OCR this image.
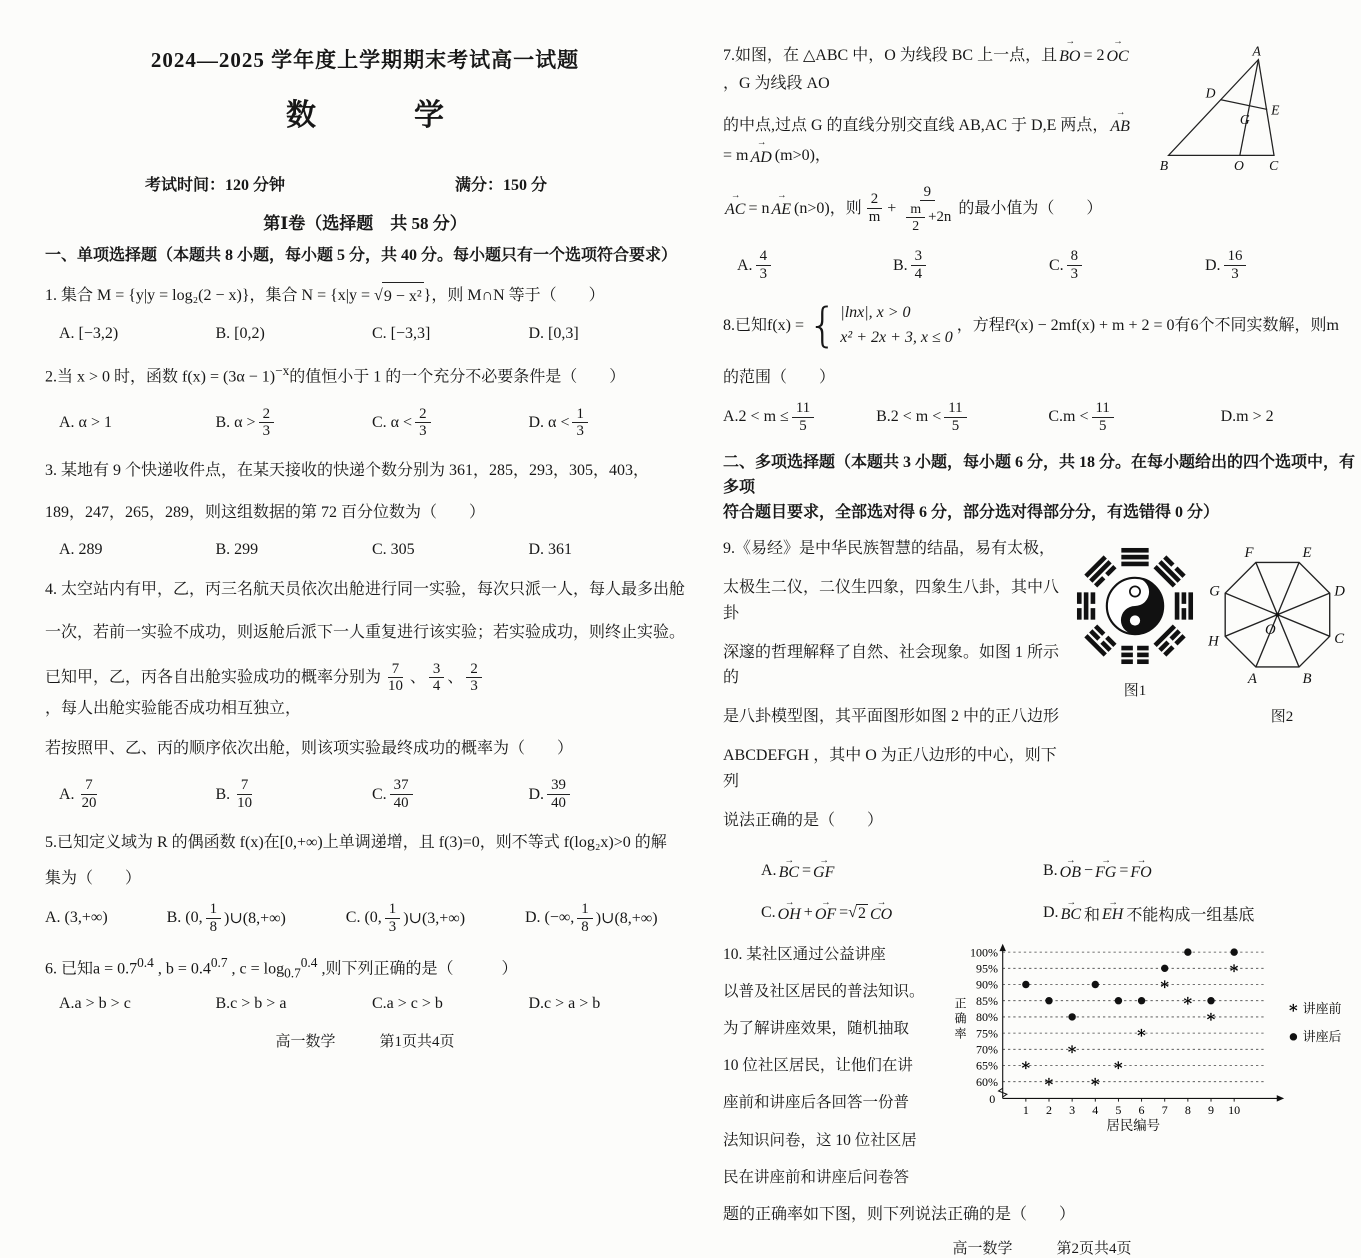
2024—2025 学年度上学期期末考试高一试题
数　学
考试时间：120 分钟	满分：150 分
第Ⅰ卷（选择题　共 58 分）
一、单项选择题（本题共 8 小题，每小题 5 分，共 40 分。每小题只有一个选项符合要求）
1. 集合 M = {y|y = log₂(2 − x)}，集合 N = {x|y = √ 9 − x² }，则 M∩N 等于（　　）
A. [−3,2)	B. [0,2)	C. [−3,3]	D. [0,3]
2.当 x > 0 时，函数 $f(x) = (3\alpha - 1)^{-x}$的值恒小于 1 的一个充分不必要条件是（　　）
A. α > 1	B. $\alpha > \frac{2}{3}$	C. $\alpha < \frac{2}{3}$	D. $\alpha < \frac{1}{3}$
3. 某地有 9 个快递收件点，在某天接收的快递个数分别为 361，285，293，305，403，
189，247，265，289，则这组数据的第 72 百分位数为（　　）
A. 289	B. 299	C. 305	D. 361
4. 太空站内有甲，乙，丙三名航天员依次出舱进行同一实验，每次只派一人，每人最多出舱
一次，若前一实验不成功，则返舱后派下一人重复进行该实验；若实验成功，则终止实验。
已知甲，乙，丙各自出舱实验成功的概率分别为 $\frac{7}{10}$ 、 $\frac{3}{4}$ 、 $\frac{2}{3}$
，每人出舱实验能否成功相互独立，
若按照甲、乙、丙的顺序依次出舱，则该项实验最终成功的概率为（　　）
A. $\frac{7}{20}$	B. $\frac{7}{10}$	C. $\frac{37}{40}$	D. $\frac{39}{40}$
5.已知定义域为 R 的偶函数 f(x)在[0,+∞)上单调递增，且 f(3)=0，则不等式 f(log₂x)>0 的解
集为（　　）
A. (3,+∞)	B. (0, $\frac{1}{8}$ )∪(8,+∞)	C. (0, $\frac{1}{3}$ )∪(3,+∞)	D. (−∞, $\frac{1}{8}$ )∪(8,+∞)
6. 已知$a = 0.7^{0.4}$ , $b = 0.4^{0.7}$ , $c = \log_{0.7}^{0.4}$ ,则下列正确的是（　　　）
A.a > b > c	B.c > b > a	C.a > c > b	D.c > a > b
高一数学	第1页共4页
7.如图，在 △ABC 中，O 为线段 BC 上一点，且 → BO = 2 → OC
，G 为线段 AO
的中点,过点 G 的直线分别交直线 AB,AC 于 D,E 两点， → AB
= m → AD (m>0)，
→ AC = n → AE (n>0)，则 $\frac{2}{m} + \frac{9}{\frac{m}{2} +2n}$ 的最小值为（　　）
A
B	C
O
D
E
G
A. $\frac{4}{3}$	B. $\frac{3}{4}$	C. $\frac{8}{3}$	D. $\frac{16}{3}$
8.已知f(x) = { |lnx|, x > 0
x² + 2x + 3, x ≤ 0
，方程f²(x) − 2mf(x) + m + 2 = 0有6个不同实数解，则m
的范围（　　）
$A.2 < m \le \frac{11}{5}$	$B.2 < m < \frac{11}{5}$	$C.m < \frac{11}{5}$	D.m > 2
二、多项选择题（本题共 3 小题，每小题 6 分，共 18 分。在每小题给出的四个选项中，有多项
符合题目要求，全部选对得 6 分，部分选对得部分分，有选错得 0 分）
9.《易经》是中华民族智慧的结晶，易有太极，
太极生二仪，二仪生四象，四象生八卦，其中八卦
深邃的哲理解释了自然、社会现象。如图 1 所示的
是八卦模型图，其平面图形如图 2 中的正八边形
ABCDEFGH ，其中 O 为正八边形的中心，则下列
说法正确的是（　　）
图1
A	B
C
D
E
F
G
H
O
图2
A. → BC = → GF	B. → OB − → FG = → FO
C. → OH + → OF = √ 2 → CO	D. → BC 和 → EH 不能构成一组基底
10. 某社区通过公益讲座
以普及社区居民的普法知识。
为了解讲座效果，随机抽取
10 位社区居民，让他们在讲
座前和讲座后各回答一份普
法知识问卷，这 10 位社区居
民在讲座前和讲座后问卷答
100%
95%
90%
85%
80%
75%
70%
65%
60%
0
1 2 3 4 5 6 7 8 9 10
居民编号
正
确
率
∗
∗
∗
∗
∗
∗
∗
∗
∗
∗
∗ 讲座前
讲座后
题的正确率如下图，则下列说法正确的是（　　）
高一数学	第2页共4页
